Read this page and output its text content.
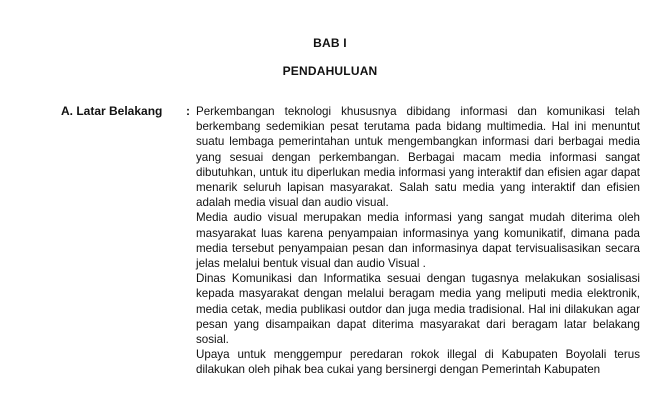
BAB I
PENDAHULUAN
A. Latar Belakang : Perkembangan teknologi khususnya dibidang informasi dan komunikasi telah berkembang sedemikian pesat terutama pada bidang multimedia. Hal ini menuntut suatu lembaga pemerintahan untuk mengembangkan informasi dari berbagai media yang sesuai dengan perkembangan. Berbagai macam media informasi sangat dibutuhkan, untuk itu diperlukan media informasi yang interaktif dan efisien agar dapat menarik seluruh lapisan masyarakat. Salah satu media yang interaktif dan efisien adalah media visual dan audio visual.

Media audio visual merupakan media informasi yang sangat mudah diterima oleh masyarakat luas karena penyampaian informasinya yang komunikatif, dimana pada media tersebut penyampaian pesan dan informasinya dapat tervisualisasikan secara jelas melalui bentuk visual dan audio Visual .

Dinas Komunikasi dan Informatika sesuai dengan tugasnya melakukan sosialisasi kepada masyarakat dengan melalui beragam media yang meliputi media elektronik, media cetak, media publikasi outdor dan juga media tradisional. Hal ini dilakukan agar pesan yang disampaikan dapat diterima masyarakat dari beragam latar belakang sosial.

Upaya untuk menggempur peredaran rokok illegal di Kabupaten Boyolali terus dilakukan oleh pihak bea cukai yang bersinergi dengan Pemerintah Kabupaten
